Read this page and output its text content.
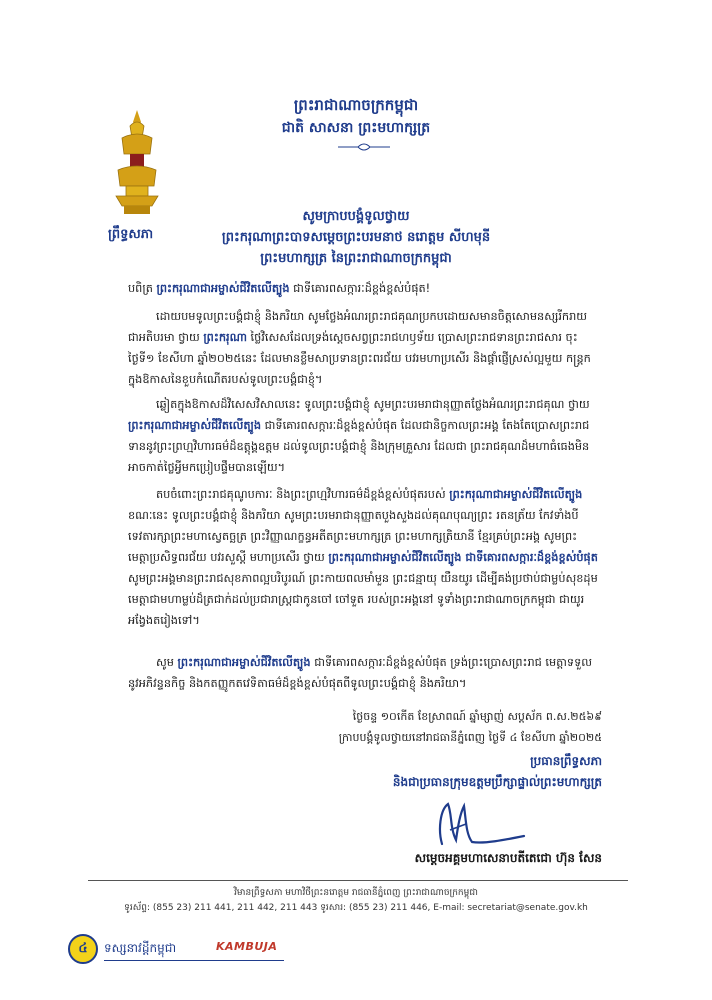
ព្រះរាជាណាចក្រកម្ពុជា
ជាតិ សាសនា ព្រះមហាក្សត្រ
ព្រឹទ្ធសភា
សូមក្រាបបង្គំទូលថ្វាយ
ព្រះករុណាព្រះបាទសម្ដេចព្រះបរមនាថ នរោត្ដម សីហមុនី
ព្រះមហាក្សត្រ នៃព្រះរាជាណាចក្រកម្ពុជា
បពិត្រ ព្រះករុណាជាអម្ចាស់ជីវិតលើត្បូង ជាទីគោរពសក្ការៈដ៏ខ្ពង់ខ្ពស់បំផុត!
ដោយបមទូលព្រះបង្គំជាខ្ញុំ និងភរិយា សូមថ្លែងអំណរព្រះរាជគុណប្រកបដោយសមានចិត្តសោមនស្សរីករាយ ជាអតិបរមា ថ្វាយ ព្រះករុណា ថ្លៃវិសេសដែលទ្រង់ស្ដេចសព្វព្រះរាជហឫទ័យ ប្រោសព្រះរាជទានព្រះរាជសារ ចុះថ្ងៃទី១ ខែសីហា ឆ្នាំ២០២៥នេះ ដែលមានខ្លឹមសាប្រទានព្រះពរជ័យ បវរមហាប្រសើរ និងផ្ដាំផ្ញើស្រស់ល្អមួយ កន្ត្រក ក្នុងឱកាសនៃខួបកំណើតរបស់ទូលព្រះបង្គំជាខ្ញុំ។
ឆ្លៀតក្នុងឱកាសដ៏វិសេសវិសាលនេះ ទូលព្រះបង្គំជាខ្ញុំ សូមព្រះបរមរាជានុញ្ញាតថ្លែងអំណរព្រះរាជគុណ ថ្វាយ ព្រះករុណាជាអម្ចាស់ជីវិតលើត្បូង ជាទីគោរពសក្ការៈដ៏ខ្ពង់ខ្ពស់បំផុត ដែលជានិច្ចកាលព្រះអង្គ តែងតែប្រោសព្រះរាជទាននូវព្រះព្រហ្មវិហារធម៌ដ៏ឧត្តុង្គឧត្តម ដល់ទូលព្រះបង្គំជាខ្ញុំ និងក្រុមគ្រួសារ ដែលជា ព្រះរាជគុណដ៏មហាធំធេងមិនអាចកាត់ថ្លៃអ្វីមកប្រៀបផ្ទឹមបានឡើយ។
តបចំពោះព្រះរាជគុណូបការៈ និងព្រះព្រហ្មវិហារធម៌ដ៏ខ្ពង់ខ្ពស់បំផុតរបស់ ព្រះករុណាជាអម្ចាស់ជីវិតលើត្បូង ខណៈនេះ ទូលព្រះបង្គំជាខ្ញុំ និងភរិយា សូមព្រះបរមរាជានុញ្ញាតបួងសួងដល់គុណបុណ្យព្រះ រតនត្រ័យ កែវទាំងបី ទេវតារក្សាព្រះមហាស្វេតច្ឆត្រ ព្រះវិញ្ញាណក្ខន្ធអតីតព្រះមហាក្សត្រ ព្រះមហាក្សត្រិយានី ខ្មែរគ្រប់ព្រះអង្គ សូមព្រះមេត្តាប្រសិទ្ធពរជ័យ បវរសួស្ដី មហាប្រសើរ ថ្វាយ ព្រះករុណាជាអម្ចាស់ជីវិតលើត្បូង ជាទីគោរពសក្ការៈដ៏ខ្ពង់ខ្ពស់បំផុត សូមព្រះអង្គមានព្រះរាជសុខភាពល្អបរិបូរណ៍ ព្រះកាយពលមាំមួន ព្រះជន្មាយុ យឺនយូរ ដើម្បីគង់ប្រថាប់ជាម្លប់សុខដុមមេត្តាជាមហាម្លប់ដ៏ត្រជាក់ដល់ប្រជារាស្ត្រជាកូនចៅ ចៅទួត របស់ព្រះអង្គនៅ ទូទាំងព្រះរាជាណាចក្រកម្ពុជា ជាយូរអង្វែងតរៀងទៅ។
សូម ព្រះករុណាជាអម្ចាស់ជីវិតលើត្បូង ជាទីគោរពសក្ការៈដ៏ខ្ពង់ខ្ពស់បំផុត ទ្រង់ព្រះប្រោសព្រះរាជ មេត្តាទទួលនូវអភិវន្ទនកិច្ច និងកតញ្ញូកតវេទិតាធម៌ដ៏ខ្ពង់ខ្ពស់បំផុតពីទូលព្រះបង្គំជាខ្ញុំ និងភរិយា។
ថ្ងៃចន្ទ ១០កើត ខែស្រាពណ៍ ឆ្នាំម្សាញ់ សប្តស័ក ព.ស.២៥៦៩
ក្រាបបង្គំទូលថ្វាយនៅរាជធានីភ្នំពេញ ថ្ងៃទី ៤ ខែសីហា ឆ្នាំ២០២៥
ប្រធានព្រឹទ្ធសភា
និងជាប្រធានក្រុមឧត្តមប្រឹក្សាផ្ទាល់ព្រះមហាក្សត្រ
សម្ដេចអគ្គមហាសេនាបតីតេជោ ហ៊ុន សែន
វិមានព្រឹទ្ធសភា មហាវិថីព្រះនរោត្តម រាជធានីភ្នំពេញ ព្រះរាជាណាចក្រកម្ពុជា
ទូរស័ព្ទ: (855 23) 211 441, 211 442, 211 443 ទូរសារ: (855 23) 211 446, E-mail: secretariat@senate.gov.kh
៤	ទស្សនាវដ្ដីកម្ពុជា	KAMBUJA
